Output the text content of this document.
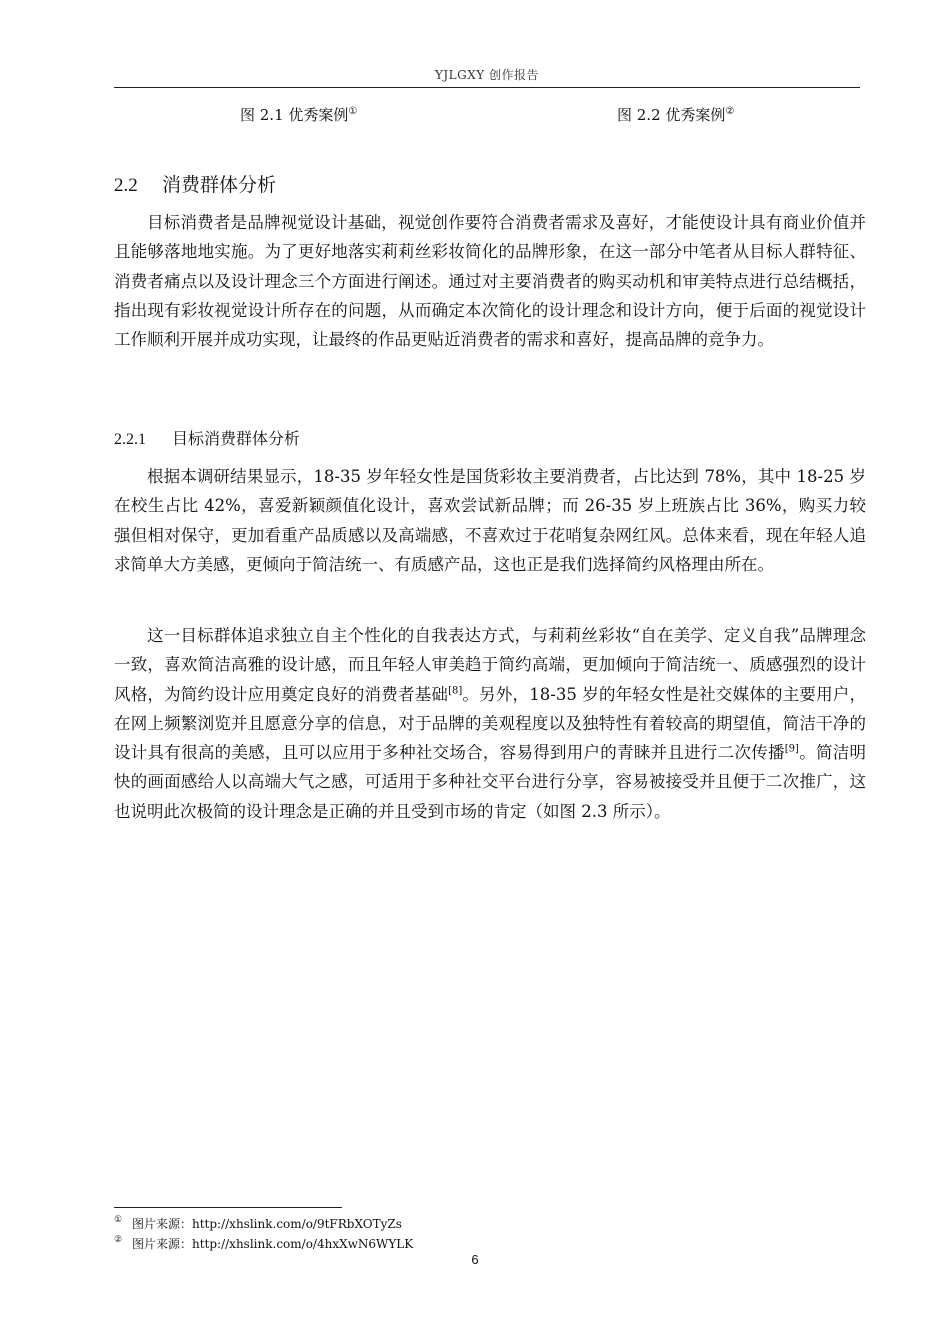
YJLGXY 创作报告
图 2.1 优秀案例①	图 2.2 优秀案例②
2.2 消费群体分析

目标消费者是品牌视觉设计基础，视觉创作要符合消费者需求及喜好，才能使设计具有商业价值并且能够落地地实施。为了更好地落实莉莉丝彩妆简化的品牌形象，在这一部分中笔者从目标人群特征、消费者痛点以及设计理念三个方面进行阐述。通过对主要消费者的购买动机和审美特点进行总结概括，指出现有彩妆视觉设计所存在的问题，从而确定本次简化的设计理念和设计方向，便于后面的视觉设计工作顺利开展并成功实现，让最终的作品更贴近消费者的需求和喜好，提高品牌的竞争力。

2.2.1 目标消费群体分析

根据本调研结果显示，18-35 岁年轻女性是国货彩妆主要消费者，占比达到 78%，其中 18-25 岁在校生占比 42%，喜爱新颖颜值化设计，喜欢尝试新品牌；而 26-35 岁上班族占比 36%，购买力较强但相对保守，更加看重产品质感以及高端感，不喜欢过于花哨复杂网红风。总体来看，现在年轻人追求简单大方美感，更倾向于简洁统一、有质感产品，这也正是我们选择简约风格理由所在。

这一目标群体追求独立自主个性化的自我表达方式，与莉莉丝彩妆“自在美学、定义自我”品牌理念一致，喜欢简洁高雅的设计感，而且年轻人审美趋于简约高端，更加倾向于简洁统一、质感强烈的设计风格，为简约设计应用奠定良好的消费者基础[8]。另外，18-35 岁的年轻女性是社交媒体的主要用户，在网上频繁浏览并且愿意分享的信息，对于品牌的美观程度以及独特性有着较高的期望值，简洁干净的设计具有很高的美感，且可以应用于多种社交场合，容易得到用户的青睐并且进行二次传播[9]。简洁明快的画面感给人以高端大气之感，可适用于多种社交平台进行分享，容易被接受并且便于二次推广，这也说明此次极简的设计理念是正确的并且受到市场的肯定（如图 2.3 所示）。

① 图片来源：http://xhslink.com/o/9tFRbXOTyZs
② 图片来源：http://xhslink.com/o/4hxXwN6WYLK
6
